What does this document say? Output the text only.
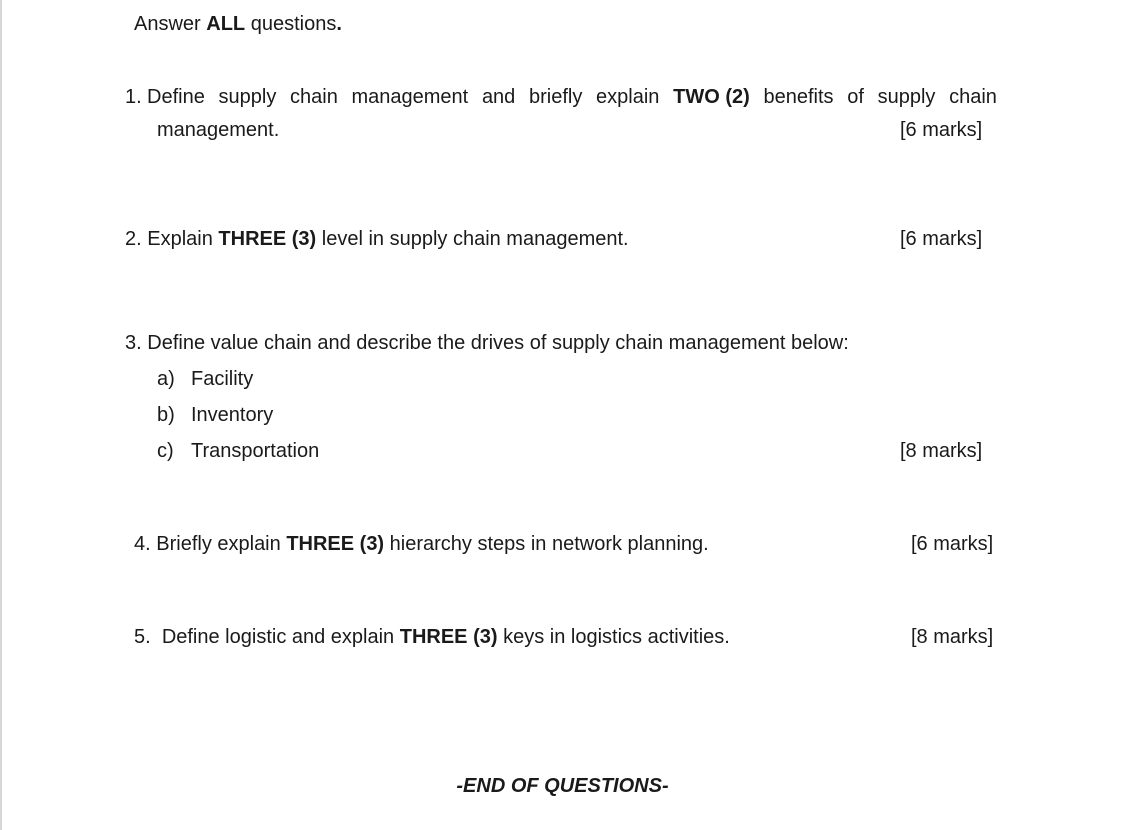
Answer ALL questions.
1. Define supply chain management and briefly explain TWO (2) benefits of supply chain
management.	[6 marks]
2. Explain THREE (3) level in supply chain management.	[6 marks]
3. Define value chain and describe the drives of supply chain management below:
a) Facility
b) Inventory
c) Transportation	[8 marks]
4. Briefly explain THREE (3) hierarchy steps in network planning.	[6 marks]
5. Define logistic and explain THREE (3) keys in logistics activities.	[8 marks]
-END OF QUESTIONS-
